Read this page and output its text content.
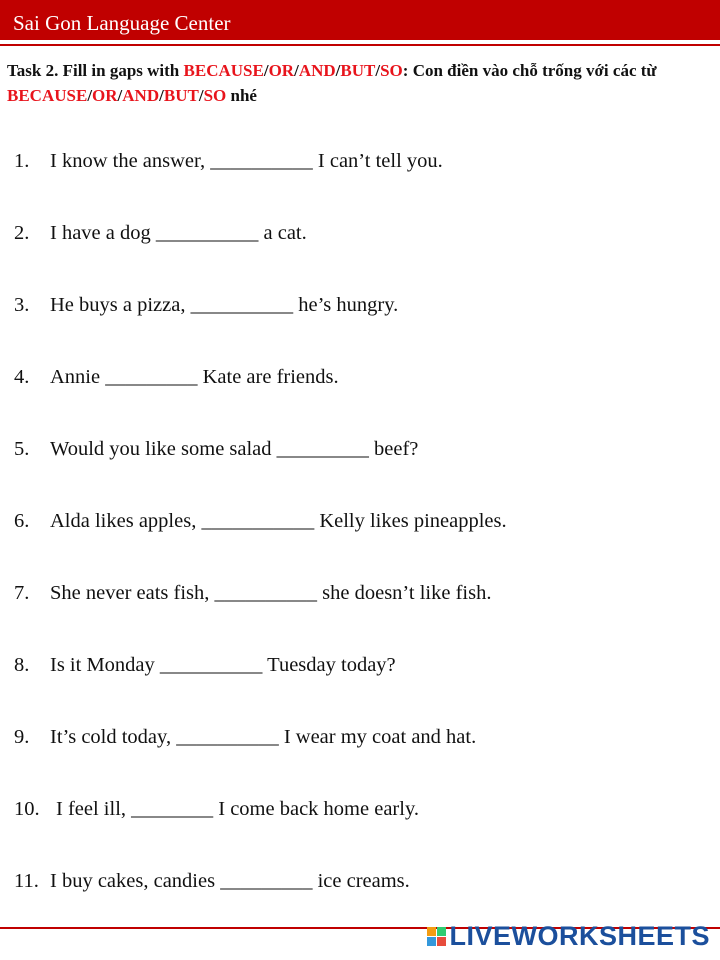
Sai Gon Language Center
Task 2. Fill in gaps with BECAUSE/OR/AND/BUT/SO: Con điền vào chỗ trống với các từ BECAUSE/OR/AND/BUT/SO nhé
1. I know the answer, __________ I can’t tell you.
2. I have a dog __________ a cat.
3. He buys a pizza, __________ he’s hungry.
4. Annie _________ Kate are friends.
5. Would you like some salad _________ beef?
6. Alda likes apples, ___________ Kelly likes pineapples.
7. She never eats fish, __________ she doesn’t like fish.
8. Is it Monday __________ Tuesday today?
9. It’s cold today, __________ I wear my coat and hat.
10. I feel ill, ________ I come back home early.
11. I buy cakes, candies _________ ice creams.
LIVEWORKSHEETS
